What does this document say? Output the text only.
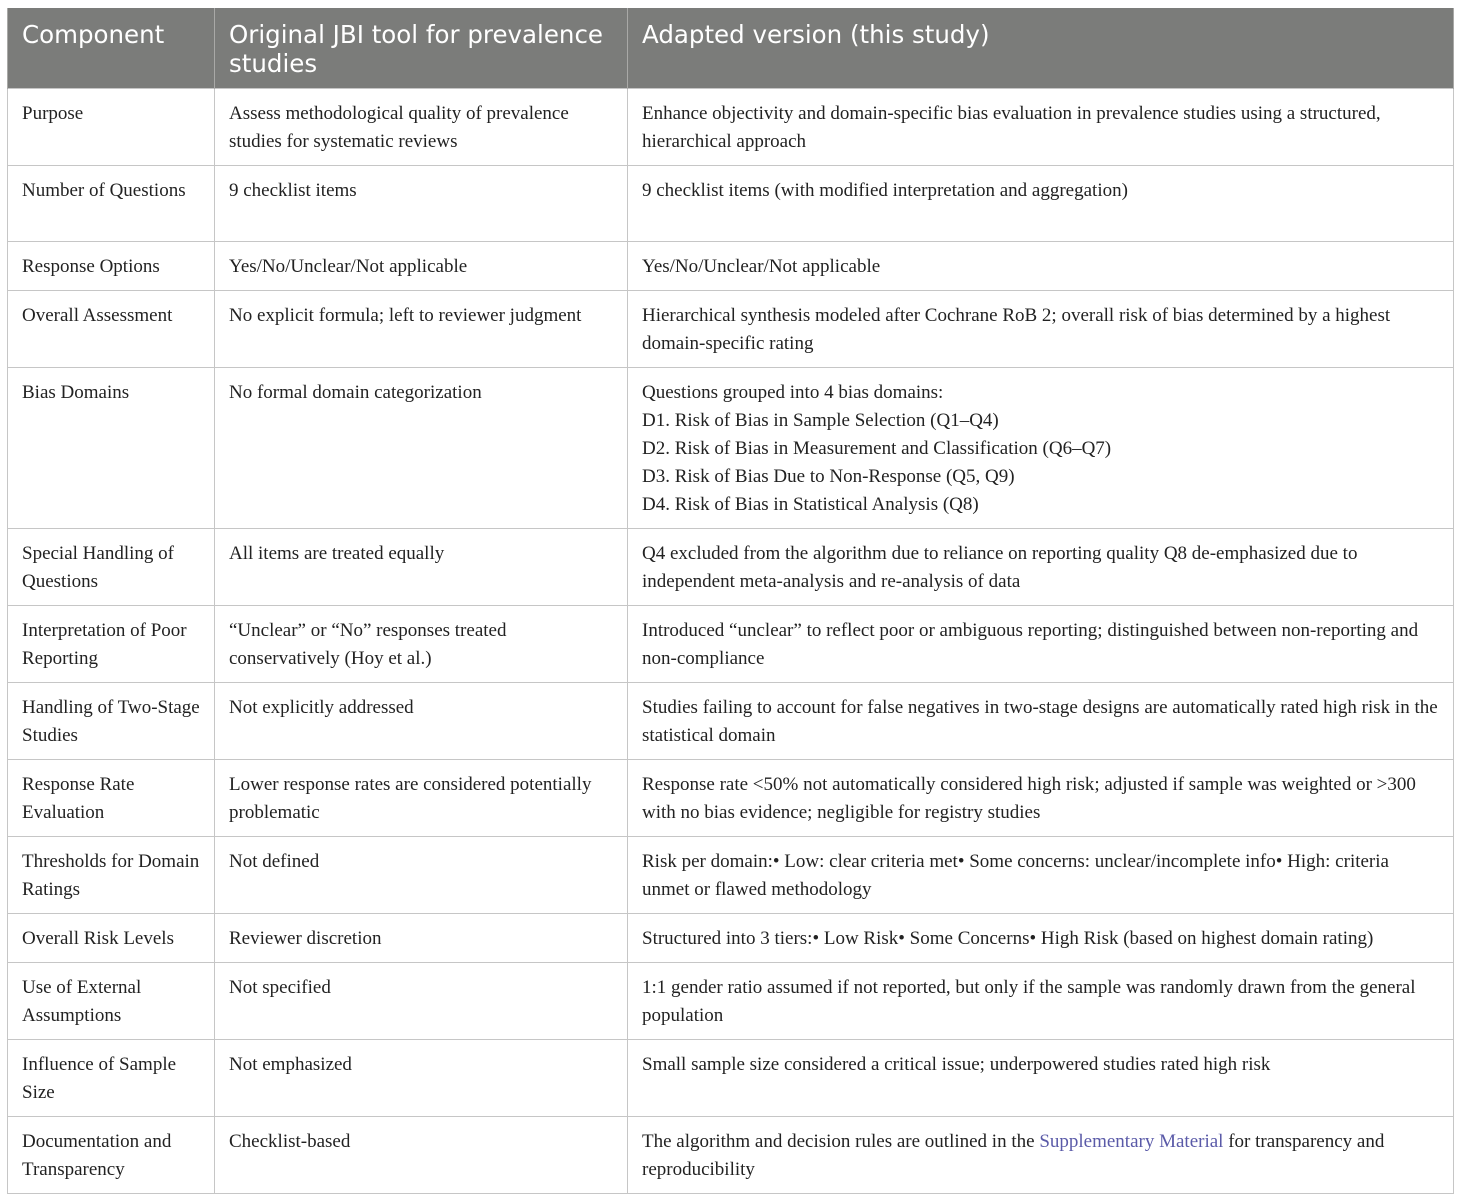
Component	Original JBI tool for prevalence studies	Adapted version (this study)
Purpose	Assess methodological quality of prevalence studies for systematic reviews	Enhance objectivity and domain-specific bias evaluation in prevalence studies using a structured, hierarchical approach
Number of Questions	9 checklist items	9 checklist items (with modified interpretation and aggregation)
Response Options	Yes/No/Unclear/Not applicable	Yes/No/Unclear/Not applicable
Overall Assessment	No explicit formula; left to reviewer judgment	Hierarchical synthesis modeled after Cochrane RoB 2; overall risk of bias determined by a highest domain-specific rating
Bias Domains	No formal domain categorization	Questions grouped into 4 bias domains:
D1. Risk of Bias in Sample Selection (Q1–Q4)
D2. Risk of Bias in Measurement and Classification (Q6–Q7)
D3. Risk of Bias Due to Non-Response (Q5, Q9)
D4. Risk of Bias in Statistical Analysis (Q8)

Special Handling of Questions	All items are treated equally	Q4 excluded from the algorithm due to reliance on reporting quality Q8 de-emphasized due to independent meta-analysis and re-analysis of data
Interpretation of Poor Reporting	“Unclear” or “No” responses treated conservatively (Hoy et al.)	Introduced “unclear” to reflect poor or ambiguous reporting; distinguished between non-reporting and non-compliance
Handling of Two-Stage Studies	Not explicitly addressed	Studies failing to account for false negatives in two-stage designs are automatically rated high risk in the statistical domain
Response Rate Evaluation	Lower response rates are considered potentially problematic	Response rate <50% not automatically considered high risk; adjusted if sample was weighted or >300 with no bias evidence; negligible for registry studies
Thresholds for Domain Ratings	Not defined	Risk per domain:• Low: clear criteria met• Some concerns: unclear/incomplete info• High: criteria unmet or flawed methodology
Overall Risk Levels	Reviewer discretion	Structured into 3 tiers:• Low Risk• Some Concerns• High Risk (based on highest domain rating)
Use of External Assumptions	Not specified	1:1 gender ratio assumed if not reported, but only if the sample was randomly drawn from the general population
Influence of Sample Size	Not emphasized	Small sample size considered a critical issue; underpowered studies rated high risk
Documentation and Transparency	Checklist-based	The algorithm and decision rules are outlined in the Supplementary Material for transparency and reproducibility
